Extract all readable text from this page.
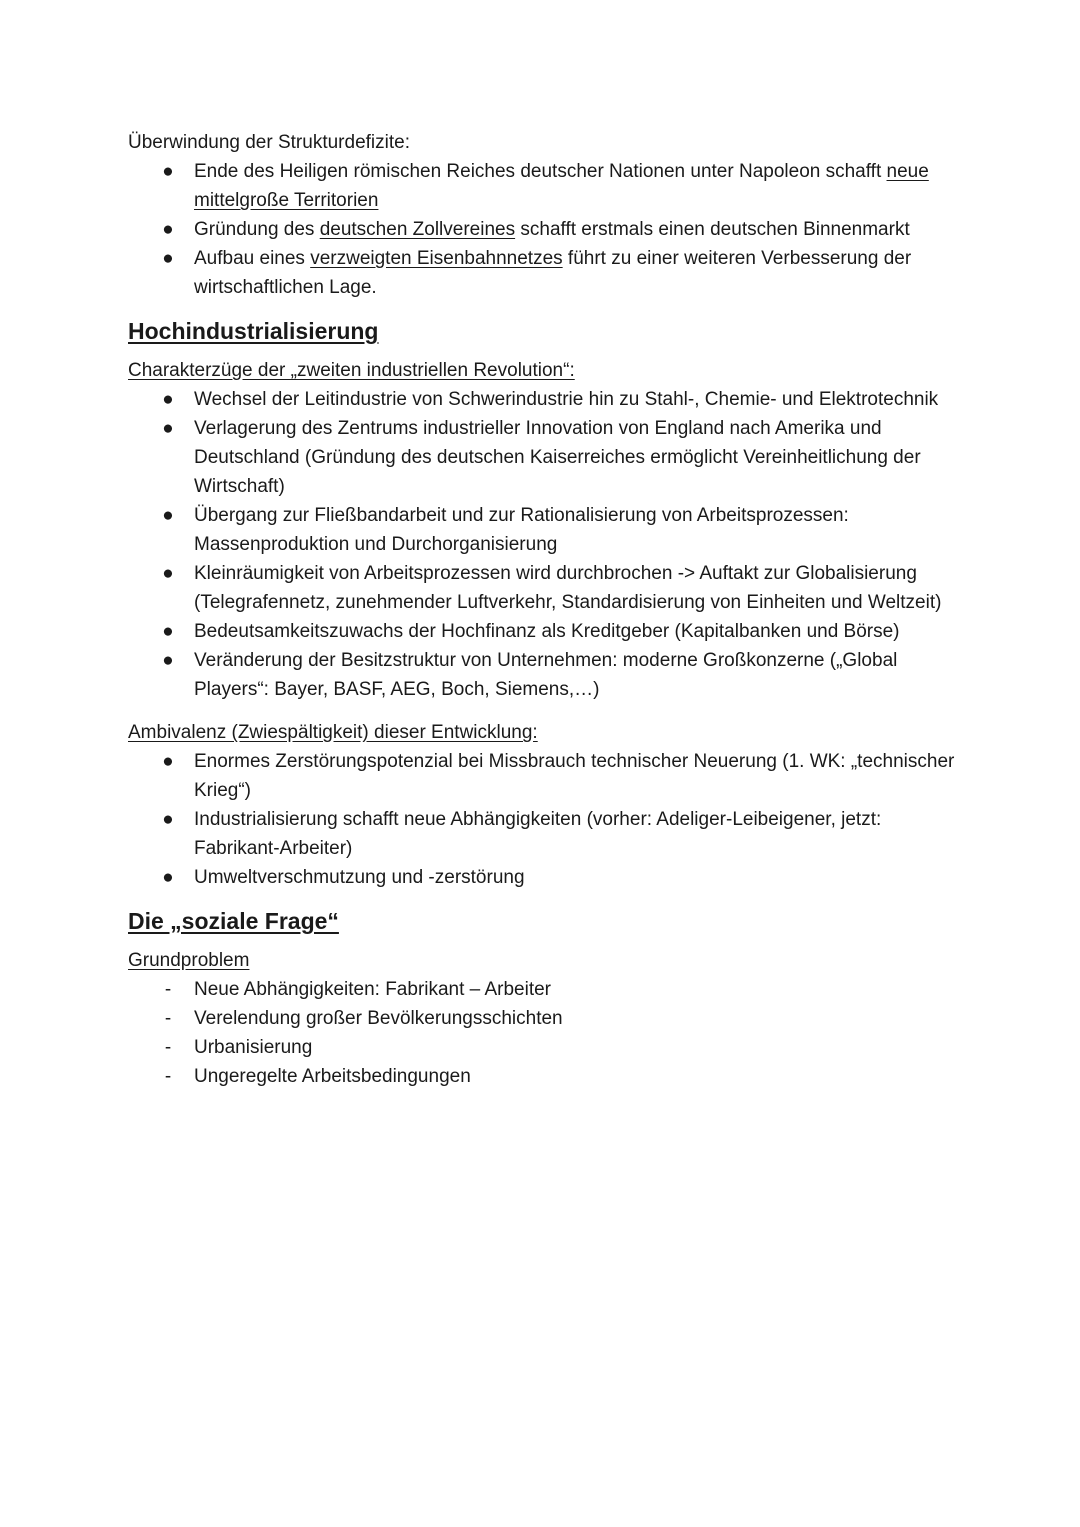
Überwindung der Strukturdefizite:

● Ende des Heiligen römischen Reiches deutscher Nationen unter Napoleon schafft neue mittelgroße Territorien
● Gründung des deutschen Zollvereines schafft erstmals einen deutschen Binnenmarkt
● Aufbau eines verzweigten Eisenbahnnetzes führt zu einer weiteren Verbesserung der wirtschaftlichen Lage.
Hochindustrialisierung

Charakterzüge der „zweiten industriellen Revolution“:

● Wechsel der Leitindustrie von Schwerindustrie hin zu Stahl-, Chemie- und Elektrotechnik
● Verlagerung des Zentrums industrieller Innovation von England nach Amerika und Deutschland (Gründung des deutschen Kaiserreiches ermöglicht Vereinheitlichung der Wirtschaft)
● Übergang zur Fließbandarbeit und zur Rationalisierung von Arbeitsprozessen: Massenproduktion und Durchorganisierung
● Kleinräumigkeit von Arbeitsprozessen wird durchbrochen -> Auftakt zur Globalisierung (Telegrafennetz, zunehmender Luftverkehr, Standardisierung von Einheiten und Weltzeit)
● Bedeutsamkeitszuwachs der Hochfinanz als Kreditgeber (Kapitalbanken und Börse)
● Veränderung der Besitzstruktur von Unternehmen: moderne Großkonzerne („Global Players“: Bayer, BASF, AEG, Boch, Siemens,…)

Ambivalenz (Zwiespältigkeit) dieser Entwicklung:

● Enormes Zerstörungspotenzial bei Missbrauch technischer Neuerung (1. WK: „technischer Krieg“)
● Industrialisierung schafft neue Abhängigkeiten (vorher: Adeliger-Leibeigener, jetzt: Fabrikant-Arbeiter)
● Umweltverschmutzung und -zerstörung
Die „soziale Frage“

Grundproblem

-	Neue Abhängigkeiten: Fabrikant – Arbeiter
-	Verelendung großer Bevölkerungsschichten
-	Urbanisierung
-	Ungeregelte Arbeitsbedingungen
